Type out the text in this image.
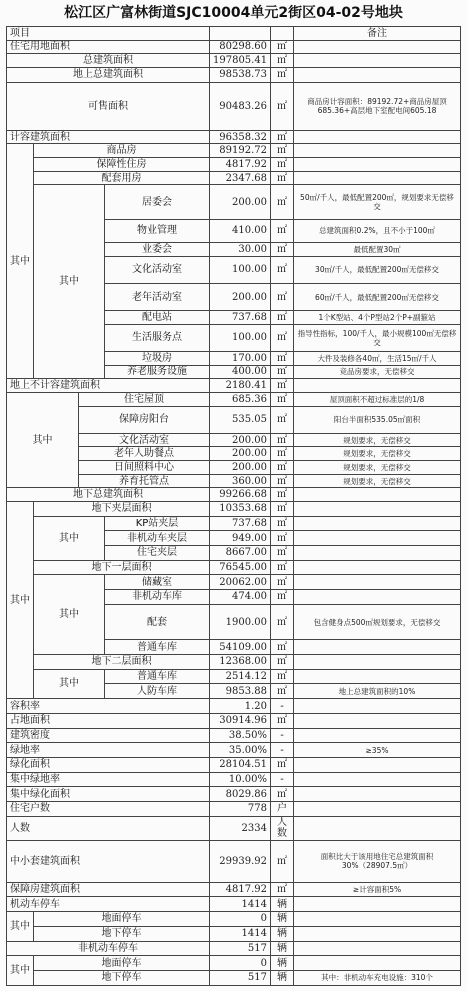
松江区广富林街道SJC10004单元2街区04-02号地块
项目						备注
住宅用地面积				80298.60	㎡	
总建筑面积				197805.41	㎡	
地上总建筑面积				98538.73	㎡	
可售面积				90483.26	㎡	商品房计容面积：89192.72+商品房屋顶685.36+高层地下室配电间605.18
计容建筑面积				96358.32	㎡	
其中	商品房			89192.72	㎡	
	保障性住房			4817.92	㎡	
	配套用房			2347.68	㎡	
	其中		居委会	200.00	㎡	50㎡/千人，最低配置200㎡，规划要求无偿移交
			物业管理	410.00	㎡	总建筑面积0.2%，且不小于100㎡
			业委会	30.00	㎡	最低配置30㎡
			文化活动室	100.00	㎡	30㎡/千人，最低配置200㎡无偿移交
			老年活动室	200.00	㎡	60㎡/千人，最低配置200㎡无偿移交
			配电站	737.68	㎡	1个K型站、4个P型站2个P+副箍站
			生活服务点	100.00	㎡	指导性指标，100/千人，最小规模100㎡无偿移交
			垃圾房	170.00	㎡	大件及装修各40㎡，生活15㎡/千人
			养老服务设施	400.00	㎡	竞品房要求，无偿移交
地上不计容建筑面积				2180.41	㎡	
其中		住宅屋顶		685.36	㎡	屋顶面积不超过标准层的1/8
		保障房阳台		535.05	㎡	阳台半面积535.05㎡面积
		文化活动室		200.00	㎡	规划要求，无偿移交
		老年人助餐点		200.00	㎡	规划要求，无偿移交
		日间照料中心		200.00	㎡	规划要求，无偿移交
		养育托管点		360.00	㎡	规划要求，无偿移交
地下总建筑面积				99266.68	㎡	
其中	地下夹层面积			10353.68	㎡	
	其中		KP站夹层	737.68	㎡	
			非机动车夹层	949.00	㎡	
			住宅夹层	8667.00	㎡	
	地下一层面积			76545.00	㎡	
	其中		储藏室	20062.00	㎡	
			非机动车库	474.00	㎡	
			配套	1900.00	㎡	包含健身点500㎡规划要求，无偿移交
			普通车库	54109.00	㎡	
	地下二层面积			12368.00	㎡	
	其中		普通车库	2514.12	㎡	
			人防车库	9853.88	㎡	地上总建筑面积的10%
容积率				1.20	-	
占地面积				30914.96	㎡	
建筑密度				38.50%	-	
绿地率				35.00%	-	≥35%
绿化面积				28104.51	㎡	
集中绿地率				10.00%	-	
集中绿化面积				8029.86	㎡	
住宅户数				778	户	
人数				2334	人数	
中小套建筑面积				29939.92	㎡	面积比大于该用地住宅总建筑面积30%（28907.5㎡）
保障房建筑面积				4817.92	㎡	≥计容面积5%
机动车停车				1414	辆	
其中	地面停车			0	辆	
	地下停车			1414	辆	
非机动车停车				517	辆	
其中	地面停车			0	辆	
	地下停车			517	辆	其中：非机动车充电设施：310个
